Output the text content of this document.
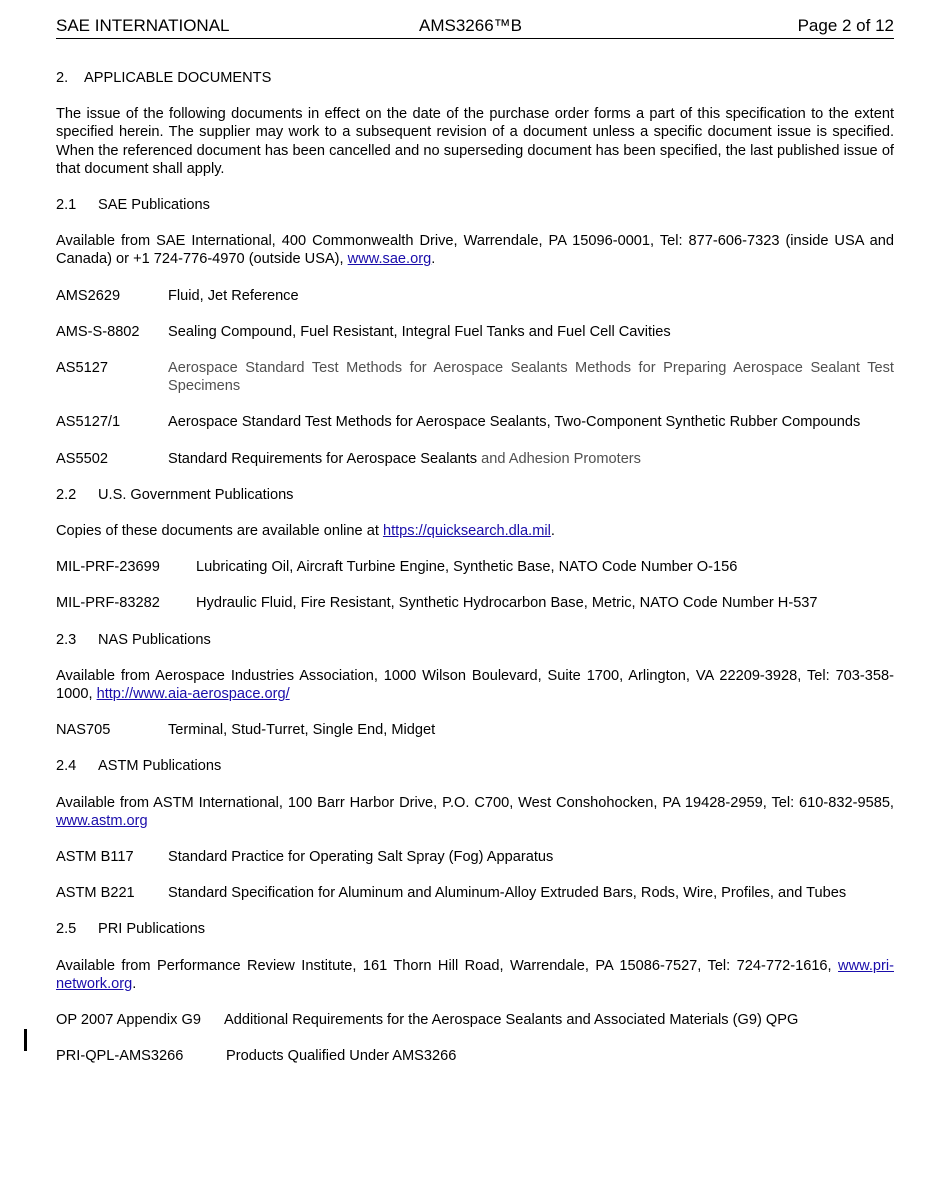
SAE INTERNATIONAL	AMS3266™B	Page 2 of 12
2.	APPLICABLE DOCUMENTS

The issue of the following documents in effect on the date of the purchase order forms a part of this specification to the extent specified herein. The supplier may work to a subsequent revision of a document unless a specific document issue is specified. When the referenced document has been cancelled and no superseding document has been specified, the last published issue of that document shall apply.

2.1	SAE Publications

Available from SAE International, 400 Commonwealth Drive, Warrendale, PA 15096-0001, Tel: 877-606-7323 (inside USA and Canada) or +1 724-776-4970 (outside USA), www.sae.org.

AMS2629	Fluid, Jet Reference
AMS-S-8802	Sealing Compound, Fuel Resistant, Integral Fuel Tanks and Fuel Cell Cavities
AS5127	Aerospace Standard Test Methods for Aerospace Sealants Methods for Preparing Aerospace Sealant Test Specimens
AS5127/1	Aerospace Standard Test Methods for Aerospace Sealants, Two-Component Synthetic Rubber Compounds
AS5502	Standard Requirements for Aerospace Sealants and Adhesion Promoters
2.2	U.S. Government Publications

Copies of these documents are available online at https://quicksearch.dla.mil.

MIL-PRF-23699	Lubricating Oil, Aircraft Turbine Engine, Synthetic Base, NATO Code Number O-156
MIL-PRF-83282	Hydraulic Fluid, Fire Resistant, Synthetic Hydrocarbon Base, Metric, NATO Code Number H-537
2.3	NAS Publications

Available from Aerospace Industries Association, 1000 Wilson Boulevard, Suite 1700, Arlington, VA 22209-3928, Tel: 703-358-1000, http://www.aia-aerospace.org/

NAS705	Terminal, Stud-Turret, Single End, Midget
2.4	ASTM Publications

Available from ASTM International, 100 Barr Harbor Drive, P.O. C700, West Conshohocken, PA 19428-2959, Tel: 610-832-9585, www.astm.org

ASTM B117	Standard Practice for Operating Salt Spray (Fog) Apparatus
ASTM B221	Standard Specification for Aluminum and Aluminum-Alloy Extruded Bars, Rods, Wire, Profiles, and Tubes
2.5	PRI Publications

Available from Performance Review Institute, 161 Thorn Hill Road, Warrendale, PA 15086-7527, Tel: 724-772-1616, www.pri-network.org.

OP 2007 Appendix G9	Additional Requirements for the Aerospace Sealants and Associated Materials (G9) QPG
PRI-QPL-AMS3266	Products Qualified Under AMS3266
